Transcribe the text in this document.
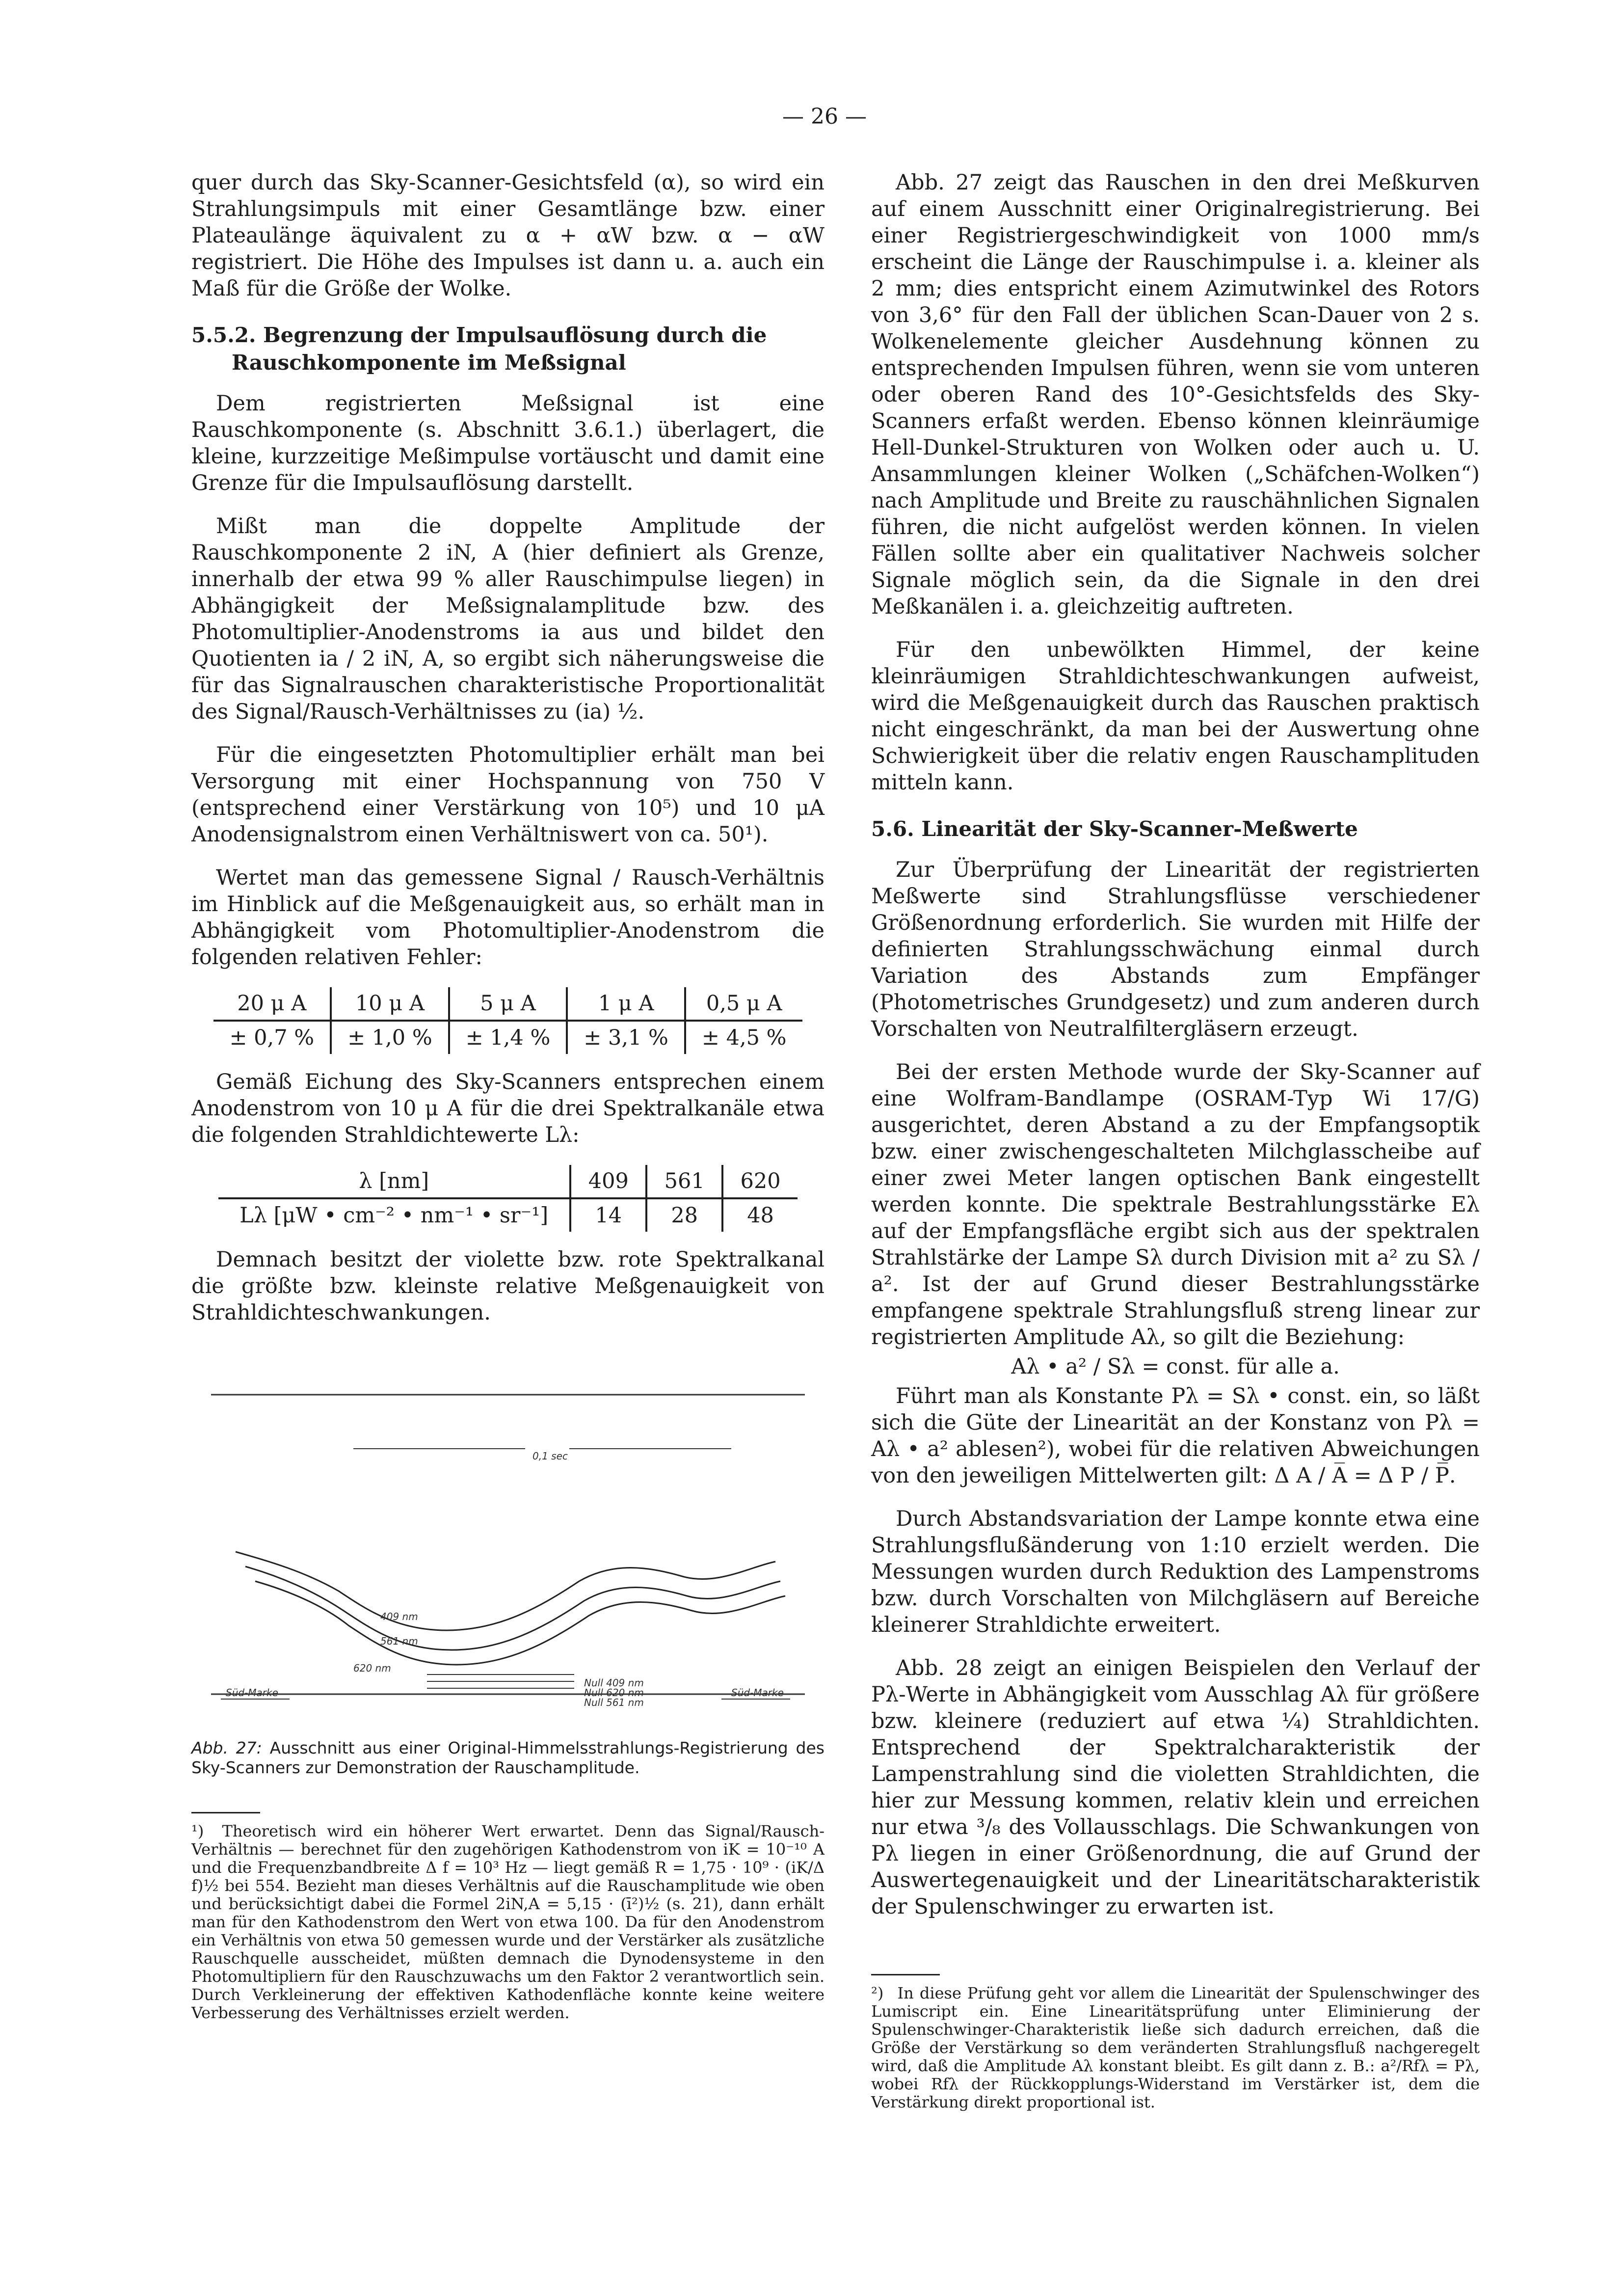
— 26 —

quer durch das Sky-Scanner-Gesichtsfeld (α), so wird ein Strahlungsimpuls mit einer Gesamtlänge bzw. einer Plateaulänge äquivalent zu α + αW bzw. α − αW registriert. Die Höhe des Impulses ist dann u. a. auch ein Maß für die Größe der Wolke.

5.5.2. Begrenzung der Impulsauflösung durch die
Rauschkomponente im Meßsignal

Dem registrierten Meßsignal ist eine Rauschkomponente (s. Abschnitt 3.6.1.) überlagert, die kleine, kurzzeitige Meßimpulse vortäuscht und damit eine Grenze für die Impulsauflösung darstellt.

Mißt man die doppelte Amplitude der Rauschkomponente 2 iN, A (hier definiert als Grenze, innerhalb der etwa 99 % aller Rauschimpulse liegen) in Abhängigkeit der Meßsignalamplitude bzw. des Photomultiplier-Anodenstroms ia aus und bildet den Quotienten ia / 2 iN, A, so ergibt sich näherungsweise die für das Signalrauschen charakteristische Proportionalität des Signal/Rausch-Verhältnisses zu (ia) ½.

Für die eingesetzten Photomultiplier erhält man bei Versorgung mit einer Hochspannung von 750 V (entsprechend einer Verstärkung von 10⁵) und 10 μA Anodensignalstrom einen Verhältniswert von ca. 50¹).

Wertet man das gemessene Signal / Rausch-Verhältnis im Hinblick auf die Meßgenauigkeit aus, so erhält man in Abhängigkeit vom Photomultiplier-Anodenstrom die folgenden relativen Fehler:

20 μ A	10 μ A	5 μ A	1 μ A	0,5 μ A
± 0,7 %	± 1,0 %	± 1,4 %	± 3,1 %	± 4,5 %

Gemäß Eichung des Sky-Scanners entsprechen einem Anodenstrom von 10 μ A für die drei Spektralkanäle etwa die folgenden Strahldichtewerte Lλ:

λ [nm]	409	561	620
Lλ [μW • cm⁻² • nm⁻¹ • sr⁻¹]	14	28	48

Demnach besitzt der violette bzw. rote Spektralkanal die größte bzw. kleinste relative Meßgenauigkeit von Strahldichteschwankungen.

0,1 sec
409 nm
561 nm
620 nm
Süd-Marke	Süd-Marke
Null 409 nm
Null 620 nm
Null 561 nm
Abb. 27: Ausschnitt aus einer Original-Himmelsstrahlungs-Registrierung des Sky-Scanners zur Demonstration der Rauschamplitude.
¹) Theoretisch wird ein höherer Wert erwartet. Denn das Signal/Rausch-Verhältnis — berechnet für den zugehörigen Kathodenstrom von iK = 10⁻¹⁰ A und die Frequenzbandbreite Δ f = 10³ Hz — liegt gemäß R = 1,75 · 10⁹ · (iK/Δ f)½ bei 554. Bezieht man dieses Verhältnis auf die Rauschamplitude wie oben und berücksichtigt dabei die Formel 2iN,A = 5,15 · (ī²)½ (s. 21), dann erhält man für den Kathodenstrom den Wert von etwa 100. Da für den Anodenstrom ein Verhältnis von etwa 50 gemessen wurde und der Verstärker als zusätzliche Rauschquelle ausscheidet, müßten demnach die Dynodensysteme in den Photomultipliern für den Rauschzuwachs um den Faktor 2 verantwortlich sein. Durch Verkleinerung der effektiven Kathodenfläche konnte keine weitere Verbesserung des Verhältnisses erzielt werden.

Abb. 27 zeigt das Rauschen in den drei Meßkurven auf einem Ausschnitt einer Originalregistrierung. Bei einer Registriergeschwindigkeit von 1000 mm/s erscheint die Länge der Rauschimpulse i. a. kleiner als 2 mm; dies entspricht einem Azimutwinkel des Rotors von 3,6° für den Fall der üblichen Scan-Dauer von 2 s. Wolkenelemente gleicher Ausdehnung können zu entsprechenden Impulsen führen, wenn sie vom unteren oder oberen Rand des 10°-Gesichtsfelds des Sky-Scanners erfaßt werden. Ebenso können kleinräumige Hell-Dunkel-Strukturen von Wolken oder auch u. U. Ansammlungen kleiner Wolken („Schäfchen-Wolken“) nach Amplitude und Breite zu rauschähnlichen Signalen führen, die nicht aufgelöst werden können. In vielen Fällen sollte aber ein qualitativer Nachweis solcher Signale möglich sein, da die Signale in den drei Meßkanälen i. a. gleichzeitig auftreten.

Für den unbewölkten Himmel, der keine kleinräumigen Strahldichteschwankungen aufweist, wird die Meßgenauigkeit durch das Rauschen praktisch nicht eingeschränkt, da man bei der Auswertung ohne Schwierigkeit über die relativ engen Rauschamplituden mitteln kann.

5.6. Linearität der Sky-Scanner-Meßwerte

Zur Überprüfung der Linearität der registrierten Meßwerte sind Strahlungsflüsse verschiedener Größenordnung erforderlich. Sie wurden mit Hilfe der definierten Strahlungsschwächung einmal durch Variation des Abstands zum Empfänger (Photometrisches Grundgesetz) und zum anderen durch Vorschalten von Neutralfiltergläsern erzeugt.

Bei der ersten Methode wurde der Sky-Scanner auf eine Wolfram-Bandlampe (OSRAM-Typ Wi 17/G) ausgerichtet, deren Abstand a zu der Empfangsoptik bzw. einer zwischengeschalteten Milchglasscheibe auf einer zwei Meter langen optischen Bank eingestellt werden konnte. Die spektrale Bestrahlungsstärke Eλ auf der Empfangsfläche ergibt sich aus der spektralen Strahlstärke der Lampe Sλ durch Division mit a² zu Sλ / a². Ist der auf Grund dieser Bestrahlungsstärke empfangene spektrale Strahlungsfluß streng linear zur registrierten Amplitude Aλ, so gilt die Beziehung:

Aλ • a² / Sλ = const. für alle a.

Führt man als Konstante Pλ = Sλ • const. ein, so läßt sich die Güte der Linearität an der Konstanz von Pλ = Aλ • a² ablesen²), wobei für die relativen Abweichungen von den jeweiligen Mittelwerten gilt: Δ A / A̅ = Δ P / P̅.

Durch Abstandsvariation der Lampe konnte etwa eine Strahlungsflußänderung von 1:10 erzielt werden. Die Messungen wurden durch Reduktion des Lampenstroms bzw. durch Vorschalten von Milchgläsern auf Bereiche kleinerer Strahldichte erweitert.

Abb. 28 zeigt an einigen Beispielen den Verlauf der Pλ-Werte in Abhängigkeit vom Ausschlag Aλ für größere bzw. kleinere (reduziert auf etwa ¼) Strahldichten. Entsprechend der Spektralcharakteristik der Lampenstrahlung sind die violetten Strahldichten, die hier zur Messung kommen, relativ klein und erreichen nur etwa ³/₈ des Vollausschlags. Die Schwankungen von Pλ liegen in einer Größenordnung, die auf Grund der Auswertegenauigkeit und der Linearitätscharakteristik der Spulenschwinger zu erwarten ist.

²) In diese Prüfung geht vor allem die Linearität der Spulenschwinger des Lumiscript ein. Eine Linearitätsprüfung unter Eliminierung der Spulenschwinger-Charakteristik ließe sich dadurch erreichen, daß die Größe der Verstärkung so dem veränderten Strahlungsfluß nachgeregelt wird, daß die Amplitude Aλ konstant bleibt. Es gilt dann z. B.: a²/Rfλ = Pλ, wobei Rfλ der Rückkopplungs-Widerstand im Verstärker ist, dem die Verstärkung direkt proportional ist.
